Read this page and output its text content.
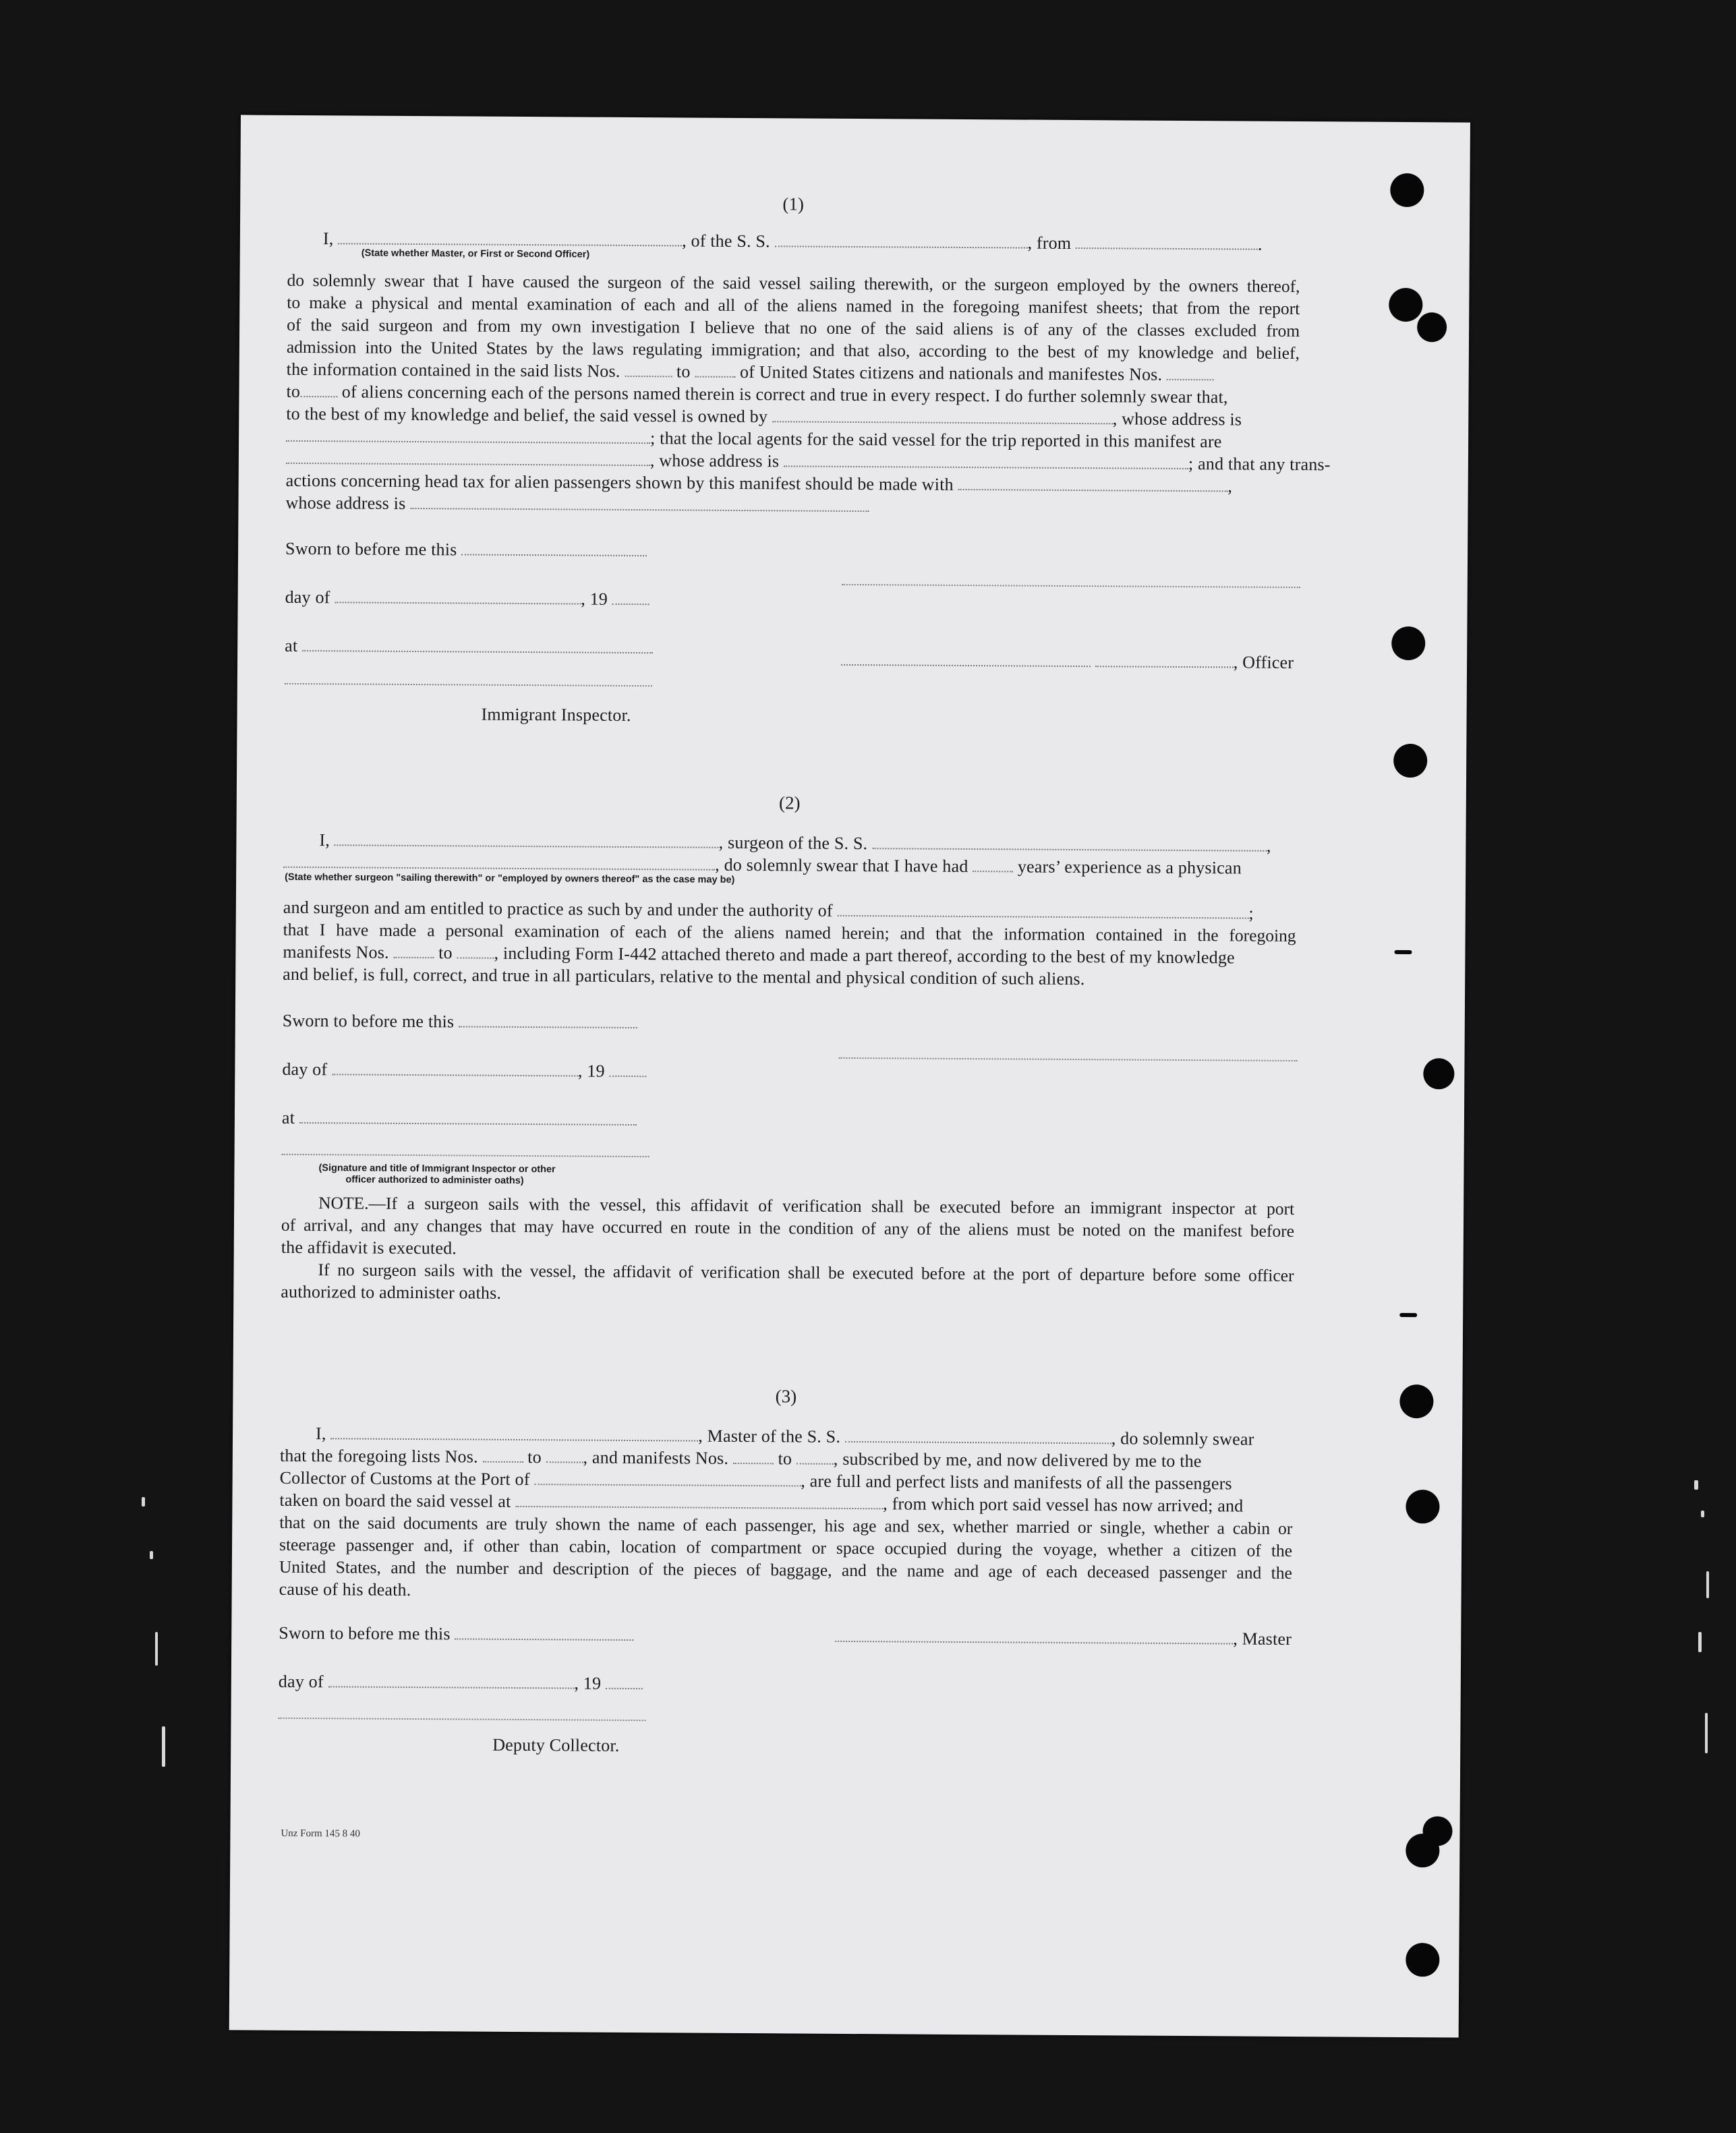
(1)
I,	, of the S. S.	, from	.
(State whether Master, or First or Second Officer)
do solemnly swear that I have caused the surgeon of the said vessel sailing therewith, or the surgeon employed by the owners thereof,
to make a physical and mental examination of each and all of the aliens named in the foregoing manifest sheets; that from the report
of the said surgeon and from my own investigation I believe that no one of the said aliens is of any of the classes excluded from
admission into the United States by the laws regulating immigration; and that also, according to the best of my knowledge and belief,
the information contained in the said lists Nos.	to	of United States citizens and nationals and manifestes Nos.
to of aliens concerning each of the persons named therein is correct and true in every respect. I do further solemnly swear that,
to the best of my knowledge and belief, the said vessel is owned by	, whose address is
; that the local agents for the said vessel for the trip reported in this manifest are
, whose address is	; and that any trans-
actions concerning head tax for alien passengers shown by this manifest should be made with	,
whose address is
Sworn to before me this
day of	, 19
at
, Officer
Immigrant Inspector.
(2)
I,	, surgeon of the S. S.	,
, do solemnly swear that I have had	years’ experience as a physican
(State whether surgeon "sailing therewith" or "employed by owners thereof" as the case may be)
and surgeon and am entitled to practice as such by and under the authority of	;
that I have made a personal examination of each of the aliens named herein; and that the information contained in the foregoing
manifests Nos.	to , including Form I-442 attached thereto and made a part thereof, according to the best of my knowledge
and belief, is full, correct, and true in all particulars, relative to the mental and physical condition of such aliens.
Sworn to before me this
day of	, 19
at
(Signature and title of Immigrant Inspector or other
officer authorized to administer oaths)
NOTE.—If a surgeon sails with the vessel, this affidavit of verification shall be executed before an immigrant inspector at port
of arrival, and any changes that may have occurred en route in the condition of any of the aliens must be noted on the manifest before
the affidavit is executed.
If no surgeon sails with the vessel, the affidavit of verification shall be executed before at the port of departure before some officer
authorized to administer oaths.
(3)
I,	, Master of the S. S.	, do solemnly swear
that the foregoing lists Nos.	to , and manifests Nos.	to , subscribed by me, and now delivered by me to the
Collector of Customs at the Port of	, are full and perfect lists and manifests of all the passengers
taken on board the said vessel at	, from which port said vessel has now arrived; and
that on the said documents are truly shown the name of each passenger, his age and sex, whether married or single, whether a cabin or
steerage passenger and, if other than cabin, location of compartment or space occupied during the voyage, whether a citizen of the
United States, and the number and description of the pieces of baggage, and the name and age of each deceased passenger and the
cause of his death.
Sworn to before me this	, Master
day of	, 19
Deputy Collector.
Unz Form 145 8 40
